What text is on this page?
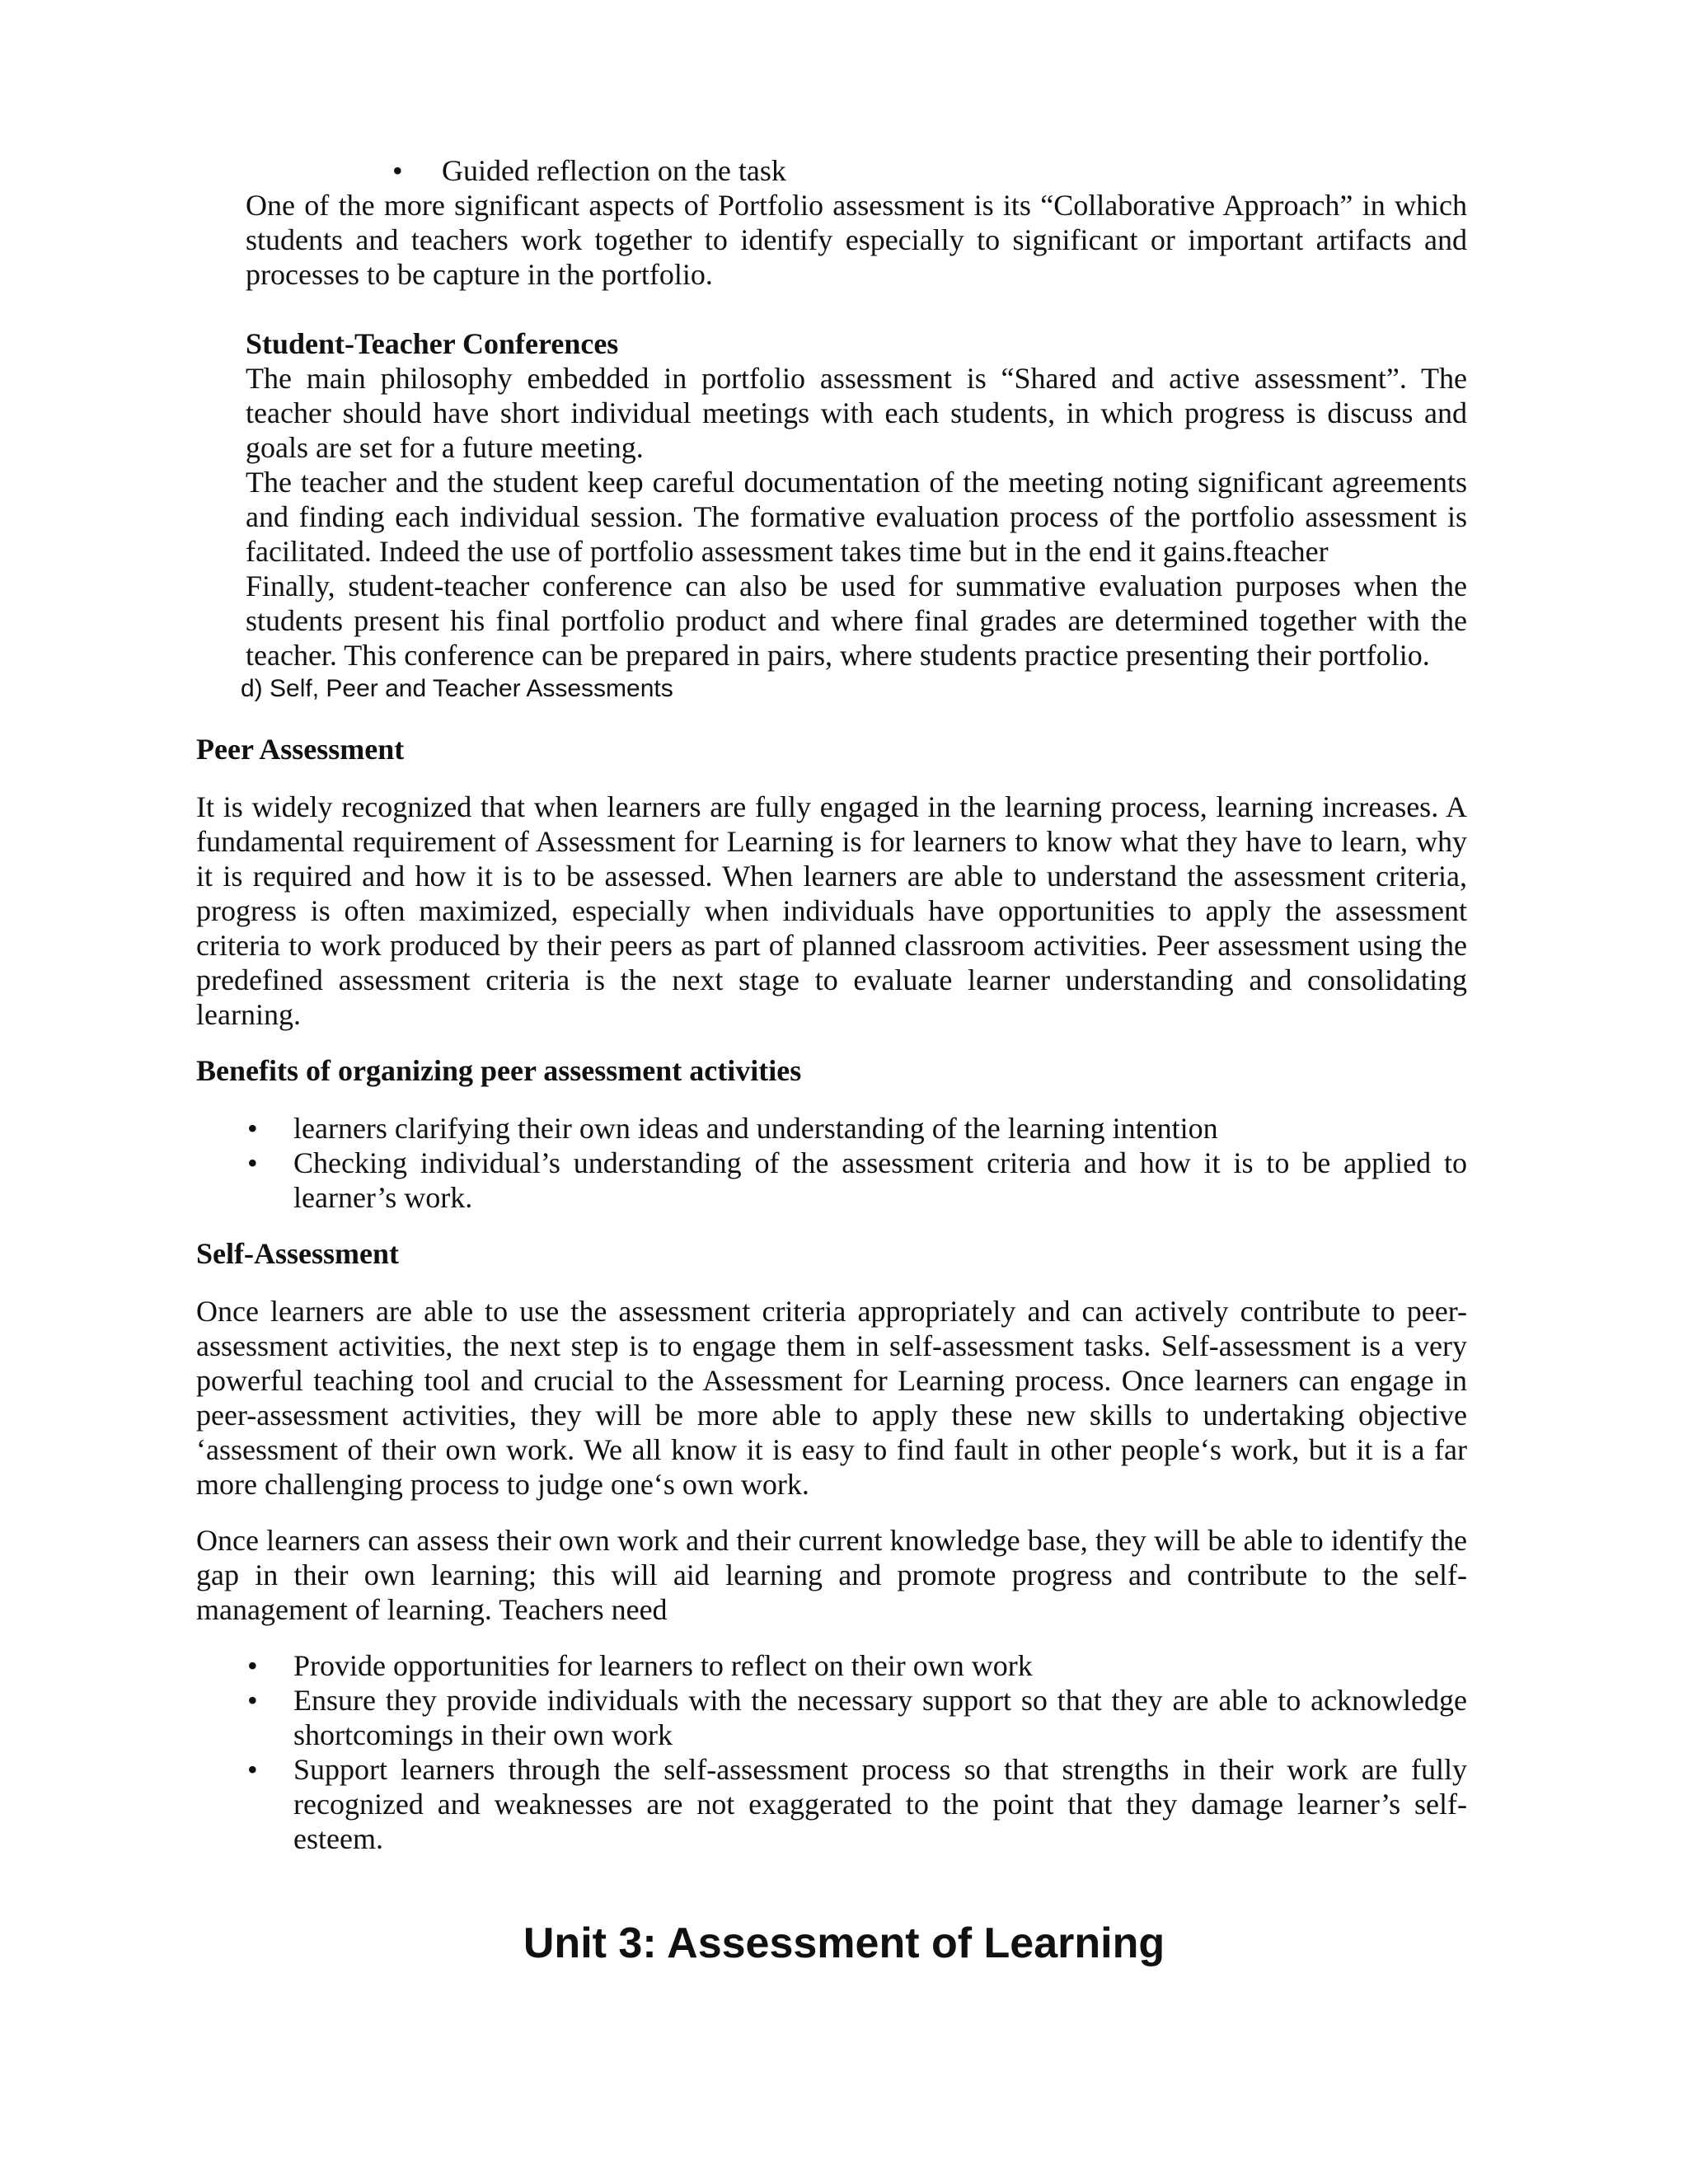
• Guided reflection on the task

One of the more significant aspects of Portfolio assessment is its “Collaborative Approach” in which students and teachers work together to identify especially to significant or important artifacts and processes to be capture in the portfolio.

Student-Teacher Conferences

The main philosophy embedded in portfolio assessment is “Shared and active assessment”. The teacher should have short individual meetings with each students, in which progress is discuss and goals are set for a future meeting.

The teacher and the student keep careful documentation of the meeting noting significant agreements and finding each individual session. The formative evaluation process of the portfolio assessment is facilitated. Indeed the use of portfolio assessment takes time but in the end it gains.fteacher

Finally, student-teacher conference can also be used for summative evaluation purposes when the students present his final portfolio product and where final grades are determined together with the teacher. This conference can be prepared in pairs, where students practice presenting their portfolio.

d) Self, Peer and Teacher Assessments

Peer Assessment

It is widely recognized that when learners are fully engaged in the learning process, learning increases. A fundamental requirement of Assessment for Learning is for learners to know what they have to learn, why it is required and how it is to be assessed. When learners are able to understand the assessment criteria, progress is often maximized, especially when individuals have opportunities to apply the assessment criteria to work produced by their peers as part of planned classroom activities. Peer assessment using the predefined assessment criteria is the next stage to evaluate learner understanding and consolidating learning.

Benefits of organizing peer assessment activities

• learners clarifying their own ideas and understanding of the learning intention
• Checking individual’s understanding of the assessment criteria and how it is to be applied to learner’s work.

Self-Assessment

Once learners are able to use the assessment criteria appropriately and can actively contribute to peer-assessment activities, the next step is to engage them in self-assessment tasks. Self-assessment is a very powerful teaching tool and crucial to the Assessment for Learning process. Once learners can engage in peer-assessment activities, they will be more able to apply these new skills to undertaking objective ‘assessment of their own work. We all know it is easy to find fault in other people‘s work, but it is a far more challenging process to judge one‘s own work.

Once learners can assess their own work and their current knowledge base, they will be able to identify the gap in their own learning; this will aid learning and promote progress and contribute to the self-management of learning. Teachers need

• Provide opportunities for learners to reflect on their own work
• Ensure they provide individuals with the necessary support so that they are able to acknowledge shortcomings in their own work
• Support learners through the self-assessment process so that strengths in their work are fully recognized and weaknesses are not exaggerated to the point that they damage learner’s self-esteem.
Unit 3: Assessment of Learning
